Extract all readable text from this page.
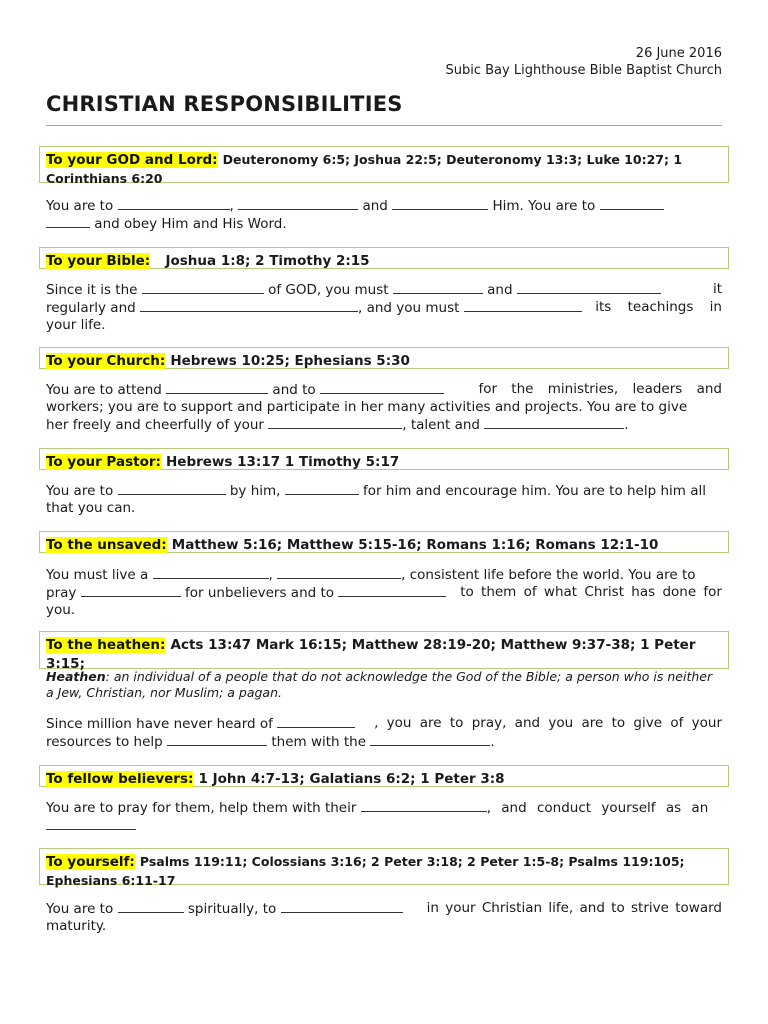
26 June 2016
Subic Bay Lighthouse Bible Baptist Church
CHRISTIAN RESPONSIBILITIES
To your GOD and Lord: Deuteronomy 6:5; Joshua 22:5; Deuteronomy 13:3; Luke 10:27; 1 Corinthians 6:20
You are to	,	and	Him. You are to
and obey Him and His Word.
To your Bible: Joshua 1:8; 2 Timothy 2:15
Since it is the	of GOD, you must	and	it
regularly and	, and you must	its teachings in
your life.
To your Church: Hebrews 10:25; Ephesians 5:30
You are to attend	and to	for the ministries, leaders and
workers; you are to support and participate in her many activities and projects. You are to give
her freely and cheerfully of your	, talent and	.
To your Pastor: Hebrews 13:17 1 Timothy 5:17
You are to	by him,	for him and encourage him. You are to help him all
that you can.
To the unsaved: Matthew 5:16; Matthew 5:15-16; Romans 1:16; Romans 12:1-10
You must live a	,	, consistent life before the world. You are to
pray	for unbelievers and to	to them of what Christ has done for
you.
To the heathen: Acts 13:47 Mark 16:15; Matthew 28:19-20; Matthew 9:37-38; 1 Peter 3:15;
Heathen: an individual of a people that do not acknowledge the God of the Bible; a person who is neither a Jew, Christian, nor Muslim; a pagan.
Since million have never heard of	, you are to pray, and you are to give of your
resources to help	them with the	.
To fellow believers: 1 John 4:7-13; Galatians 6:2; 1 Peter 3:8
You are to pray for them, help them with their	, and conduct yourself as an
To yourself: Psalms 119:11; Colossians 3:16; 2 Peter 3:18; 2 Peter 1:5-8; Psalms 119:105; Ephesians 6:11-17
You are to	spiritually, to	in your Christian life, and to strive toward
maturity.
